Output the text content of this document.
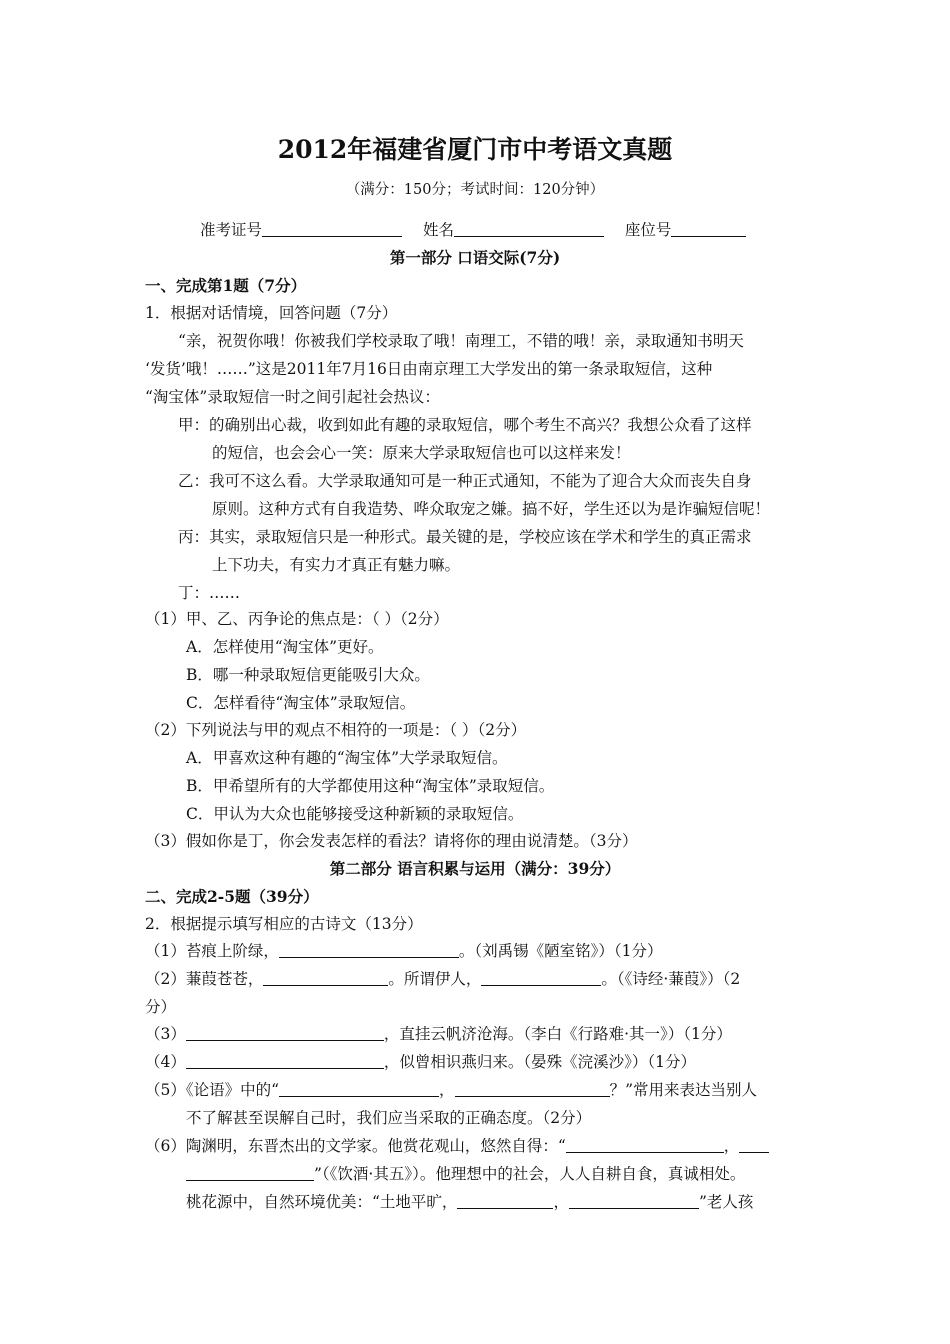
2012年福建省厦门市中考语文真题
（满分：150分；考试时间：120分钟）
准考证号	姓名	座位号
第一部分 口语交际(7分)
一、完成第1题（7分）
1．根据对话情境，回答问题（7分）
“亲，祝贺你哦！你被我们学校录取了哦！南理工，不错的哦！亲，录取通知书明天
‘发货’哦！……”这是2011年7月16日由南京理工大学发出的第一条录取短信，这种
“淘宝体”录取短信一时之间引起社会热议：
甲：的确别出心裁，收到如此有趣的录取短信，哪个考生不高兴？我想公众看了这样
的短信，也会会心一笑：原来大学录取短信也可以这样来发！
乙：我可不这么看。大学录取通知可是一种正式通知，不能为了迎合大众而丧失自身
原则。这种方式有自我造势、哗众取宠之嫌。搞不好，学生还以为是诈骗短信呢！
丙：其实，录取短信只是一种形式。最关键的是，学校应该在学术和学生的真正需求
上下功夫，有实力才真正有魅力嘛。
丁：……
（1）甲、乙、丙争论的焦点是：（ ）（2分）
A．怎样使用“淘宝体”更好。
B．哪一种录取短信更能吸引大众。
C．怎样看待“淘宝体”录取短信。
（2）下列说法与甲的观点不相符的一项是：（ ）（2分）
A．甲喜欢这种有趣的“淘宝体”大学录取短信。
B．甲希望所有的大学都使用这种“淘宝体”录取短信。
C．甲认为大众也能够接受这种新颖的录取短信。
（3）假如你是丁，你会发表怎样的看法？请将你的理由说清楚。（3分）
第二部分 语言积累与运用（满分：39分）
二、完成2-5题（39分）
2．根据提示填写相应的古诗文（13分）
（1）苔痕上阶绿，	。（刘禹锡《陋室铭》）（1分）
（2）蒹葭苍苍，	。所谓伊人，	。（《诗经·蒹葭》）（2
分）
（3）	，直挂云帆济沧海。（李白《行路难·其一》）（1分）
（4）	，似曾相识燕归来。（晏殊《浣溪沙》）（1分）
（5）《论语》中的“	，	？”常用来表达当别人
不了解甚至误解自己时，我们应当采取的正确态度。（2分）
（6）陶渊明，东晋杰出的文学家。他赏花观山，悠然自得：“	，
”（《饮酒·其五》）。他理想中的社会，人人自耕自食，真诚相处。
桃花源中，自然环境优美：“土地平旷，	，	”老人孩
